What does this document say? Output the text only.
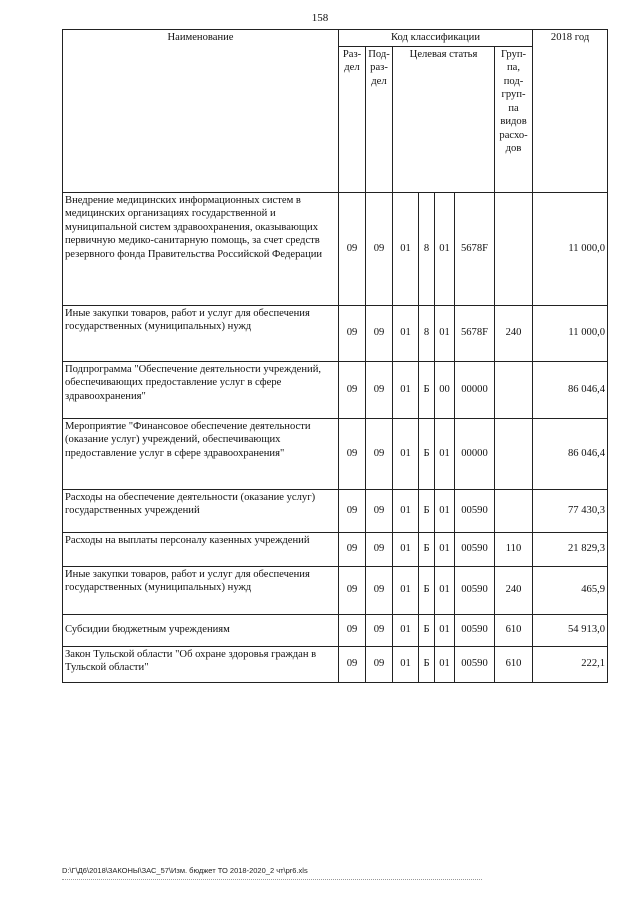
158
Наименование	Код классификации							2018 год
	Раз-дел	Под-раз-дел	Целевая статья				Груп-па, под-груп-па видов расхо-дов	
Внедрение медицинских информационных систем в медицинских организациях государственной и муниципальной систем здравоохранения, оказывающих первичную медико-санитарную помощь, за счет средств резервного фонда Правительства Российской Федерации	09	09	01	8	01	5678F		11 000,0
Иные закупки товаров, работ и услуг для обеспечения государственных (муниципальных) нужд	09	09	01	8	01	5678F	240	11 000,0
Подпрограмма "Обеспечение деятельности учреждений, обеспечивающих предоставление услуг в сфере здравоохранения"	09	09	01	Б	00	00000		86 046,4
Мероприятие "Финансовое обеспечение деятельности (оказание услуг) учреждений, обеспечивающих предоставление услуг в сфере здравоохранения"	09	09	01	Б	01	00000		86 046,4
Расходы на обеспечение деятельности (оказание услуг) государственных учреждений	09	09	01	Б	01	00590		77 430,3
Расходы на выплаты персоналу казенных учреждений	09	09	01	Б	01	00590	110	21 829,3
Иные закупки товаров, работ и услуг для обеспечения государственных (муниципальных) нужд	09	09	01	Б	01	00590	240	465,9
Субсидии бюджетным учреждениям	09	09	01	Б	01	00590	610	54 913,0
Закон Тульской области "Об охране здоровья граждан в Тульской области"	09	09	01	Б	01	00590	610	222,1
D:\Г\Д6\2018\ЗАКОНЫ\ЗАС_57\Изм. бюджет ТО 2018-2020_2 чт\pr6.xls
